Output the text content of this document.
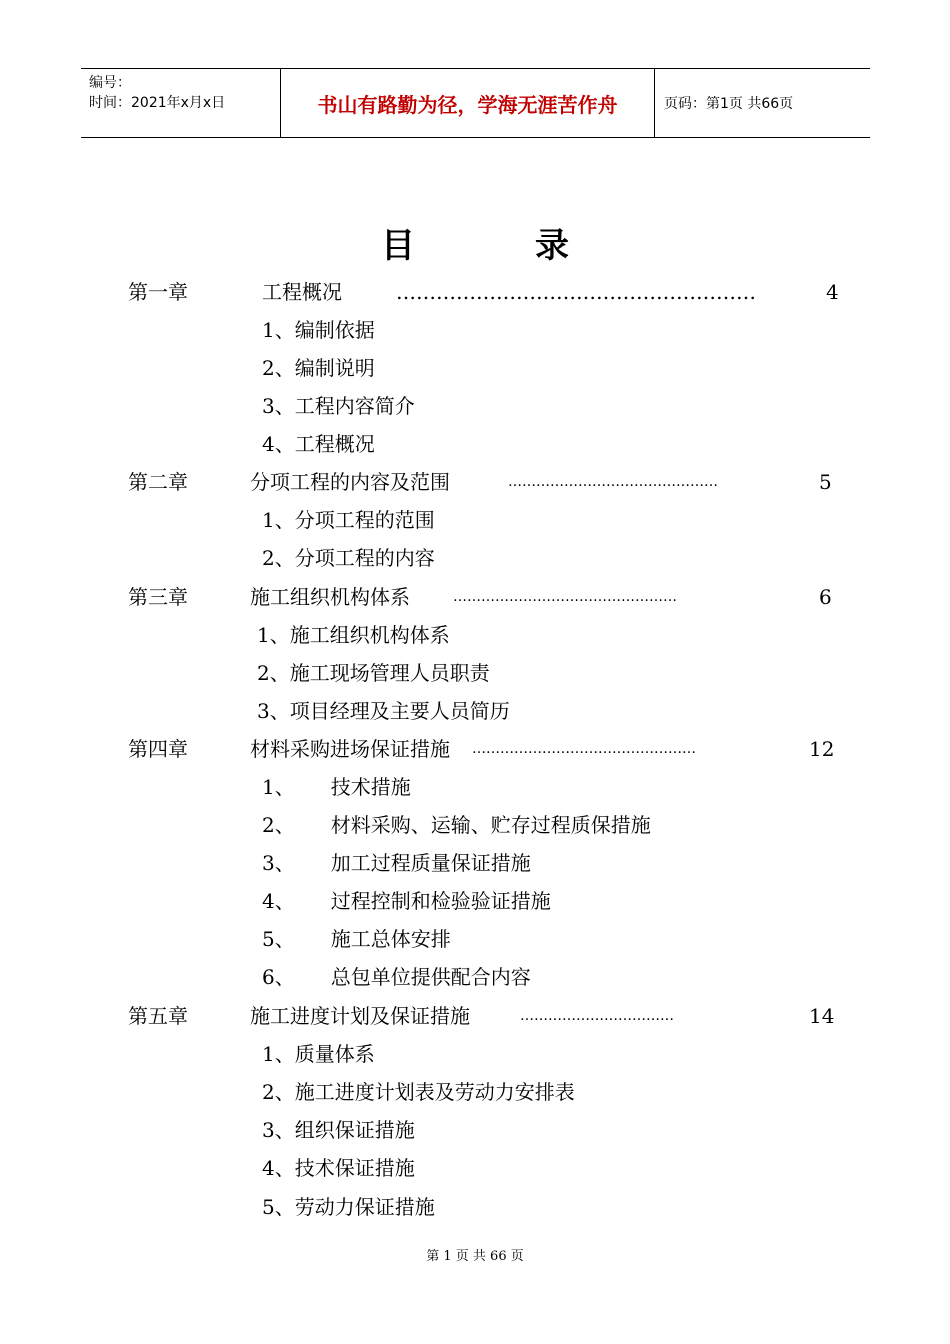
编号：
时间：2021年x月x日	书山有路勤为径，学海无涯苦作舟	页码：第1页 共66页
目录
第一章	工程概况	………………………………………………	4
1、编制依据
2、编制说明
3、工程内容简介
4、工程概况
第二章	分项工程的内容及范围	………………………………………	5
1、分项工程的范围
2、分项工程的内容
第三章	施工组织机构体系	…………………………………………	6
1、施工组织机构体系
2、施工现场管理人员职责
3、项目经理及主要人员简历
第四章	材料采购进场保证措施 …………………………………………	12
1、 技术措施
2、 材料采购、运输、贮存过程质保措施
3、 加工过程质量保证措施
4、 过程控制和检验验证措施
5、 施工总体安排
6、 总包单位提供配合内容
第五章	施工进度计划及保证措施	……………………………	14
1、质量体系
2、施工进度计划表及劳动力安排表
3、组织保证措施
4、技术保证措施
5、劳动力保证措施
第 1 页 共 66 页
